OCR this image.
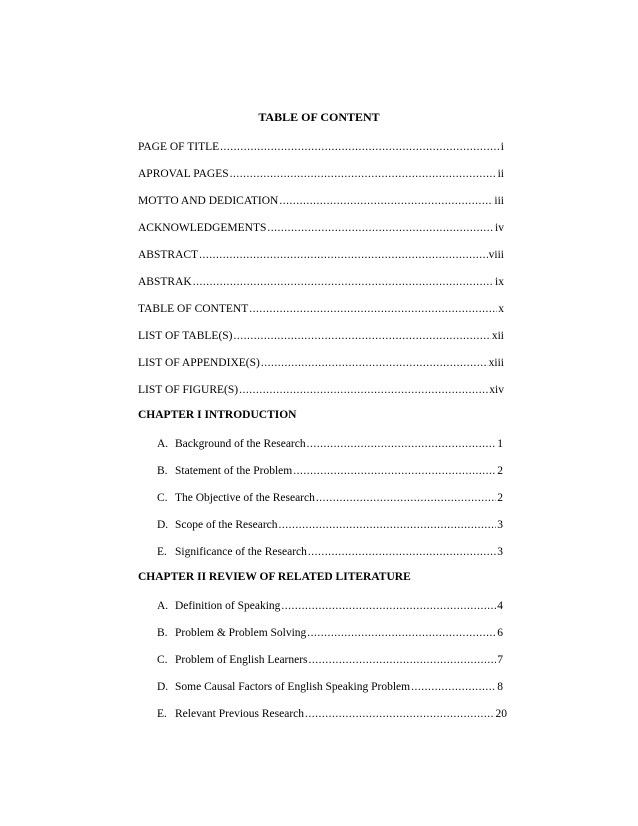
TABLE OF CONTENT
PAGE OF TITLE .....	i
APROVAL PAGES .....	ii
MOTTO AND DEDICATION .....	iii
ACKNOWLEDGEMENTS .....	iv
ABSTRACT .....	viii
ABSTRAK .....	ix
TABLE OF CONTENT .....	x
LIST OF TABLE(S) .....	xii
LIST OF APPENDIXE(S) .....	xiii
LIST OF FIGURE(S) .....	xiv
CHAPTER I INTRODUCTION
A. Background of the Research .....	1
B. Statement of the Problem .....	2
C. The Objective of the Research .....	2
D. Scope of the Research .....	3
E. Significance of the Research .....	3
CHAPTER II REVIEW OF RELATED LITERATURE
A. Definition of Speaking .....	4
B. Problem & Problem Solving .....	6
C. Problem of English Learners .....	7
D. Some Causal Factors of English Speaking Problem .....	8
E. Relevant Previous Research .....	20
